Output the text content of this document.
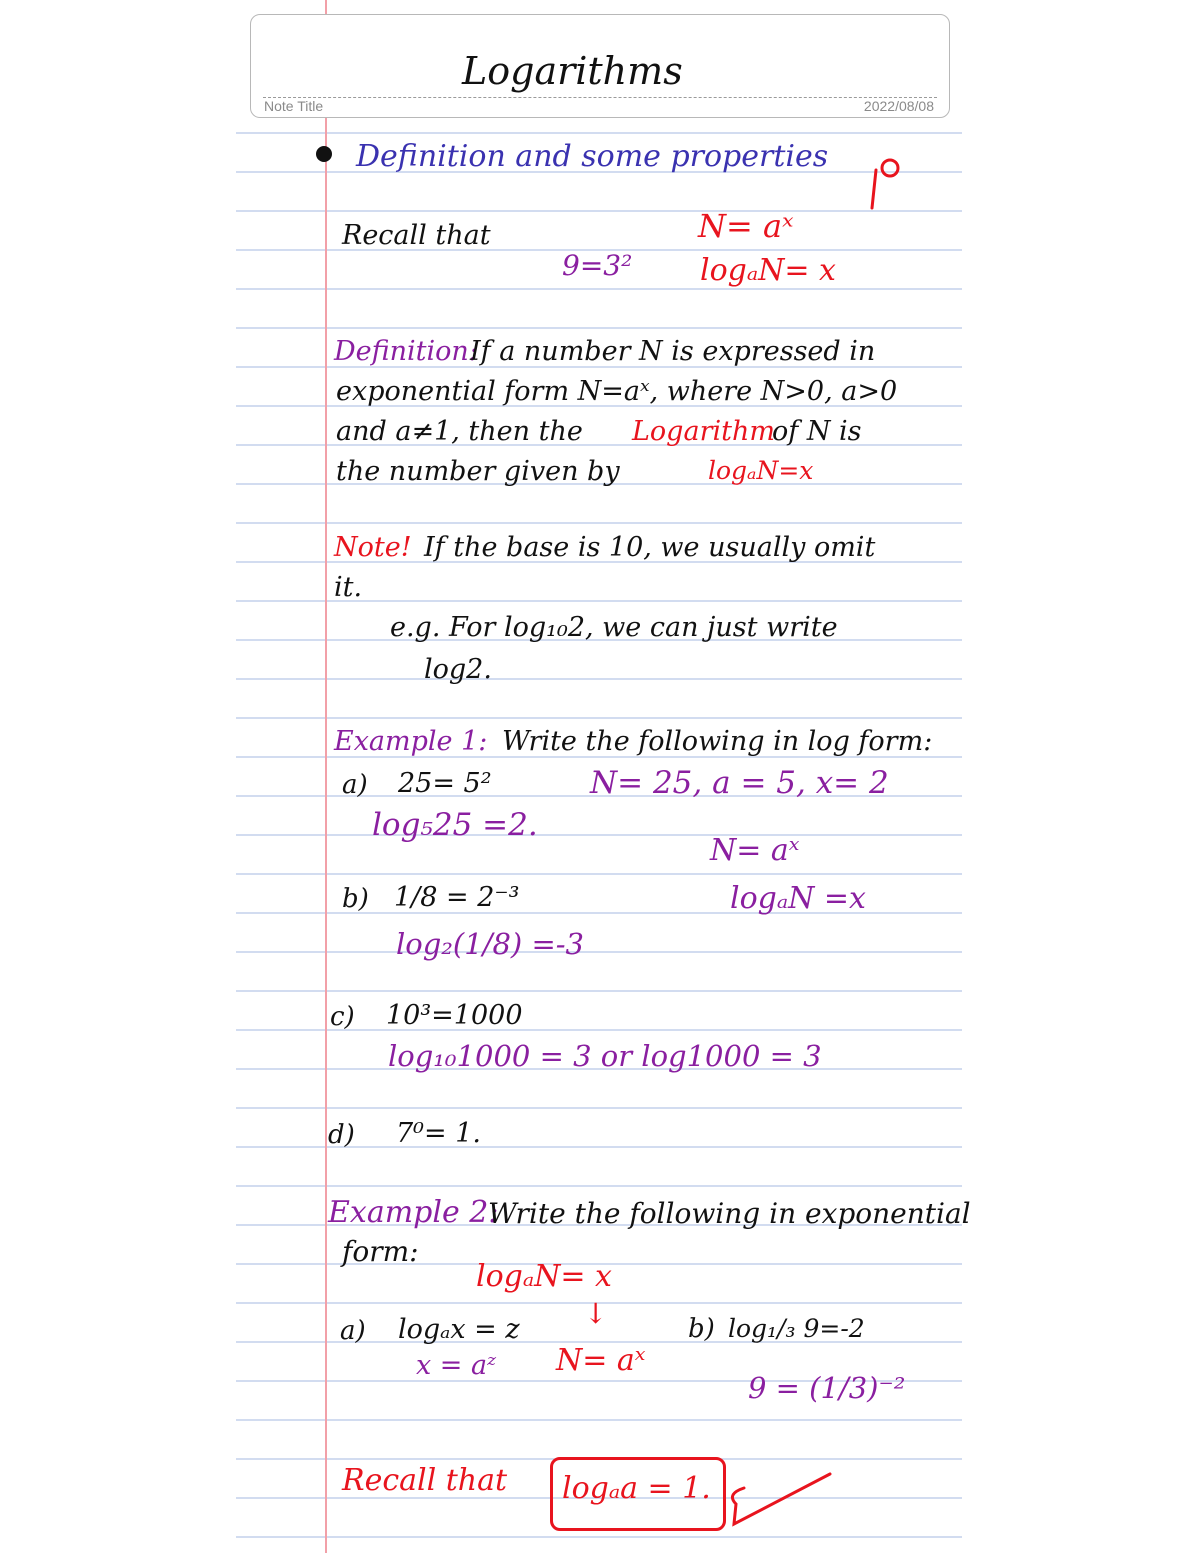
Note Title	2022/08/08
Logarithms
Definition and some properties
Recall that
9=3²
N= aˣ
logₐN= x
Definition:
If a number N is expressed in
exponential form N=aˣ, where N>0, a>0
and a≠1, then the Logarithm
of N is
the number given by	logₐN=x
Note! If the base is 10, we usually omit
it.
e.g. For log₁₀2, we can just write
log2.
Example 1: Write the following in log form:
a) 25= 5²	N= 25, a = 5, x= 2
log₅25 =2.
N= aˣ
logₐN =x
b) 1/8 = 2⁻³
log₂(1/8) =-3
c) 10³=1000
log₁₀1000 = 3 or log1000 = 3
d) 7⁰= 1.
Example 2:
Write the following in exponential
form:
logₐN= x
↓
a) logₐx = z
x = aᶻ N= aˣ
b) log₁/₃ 9=-2
9 = (1/3)⁻²
Recall that logₐa = 1.
